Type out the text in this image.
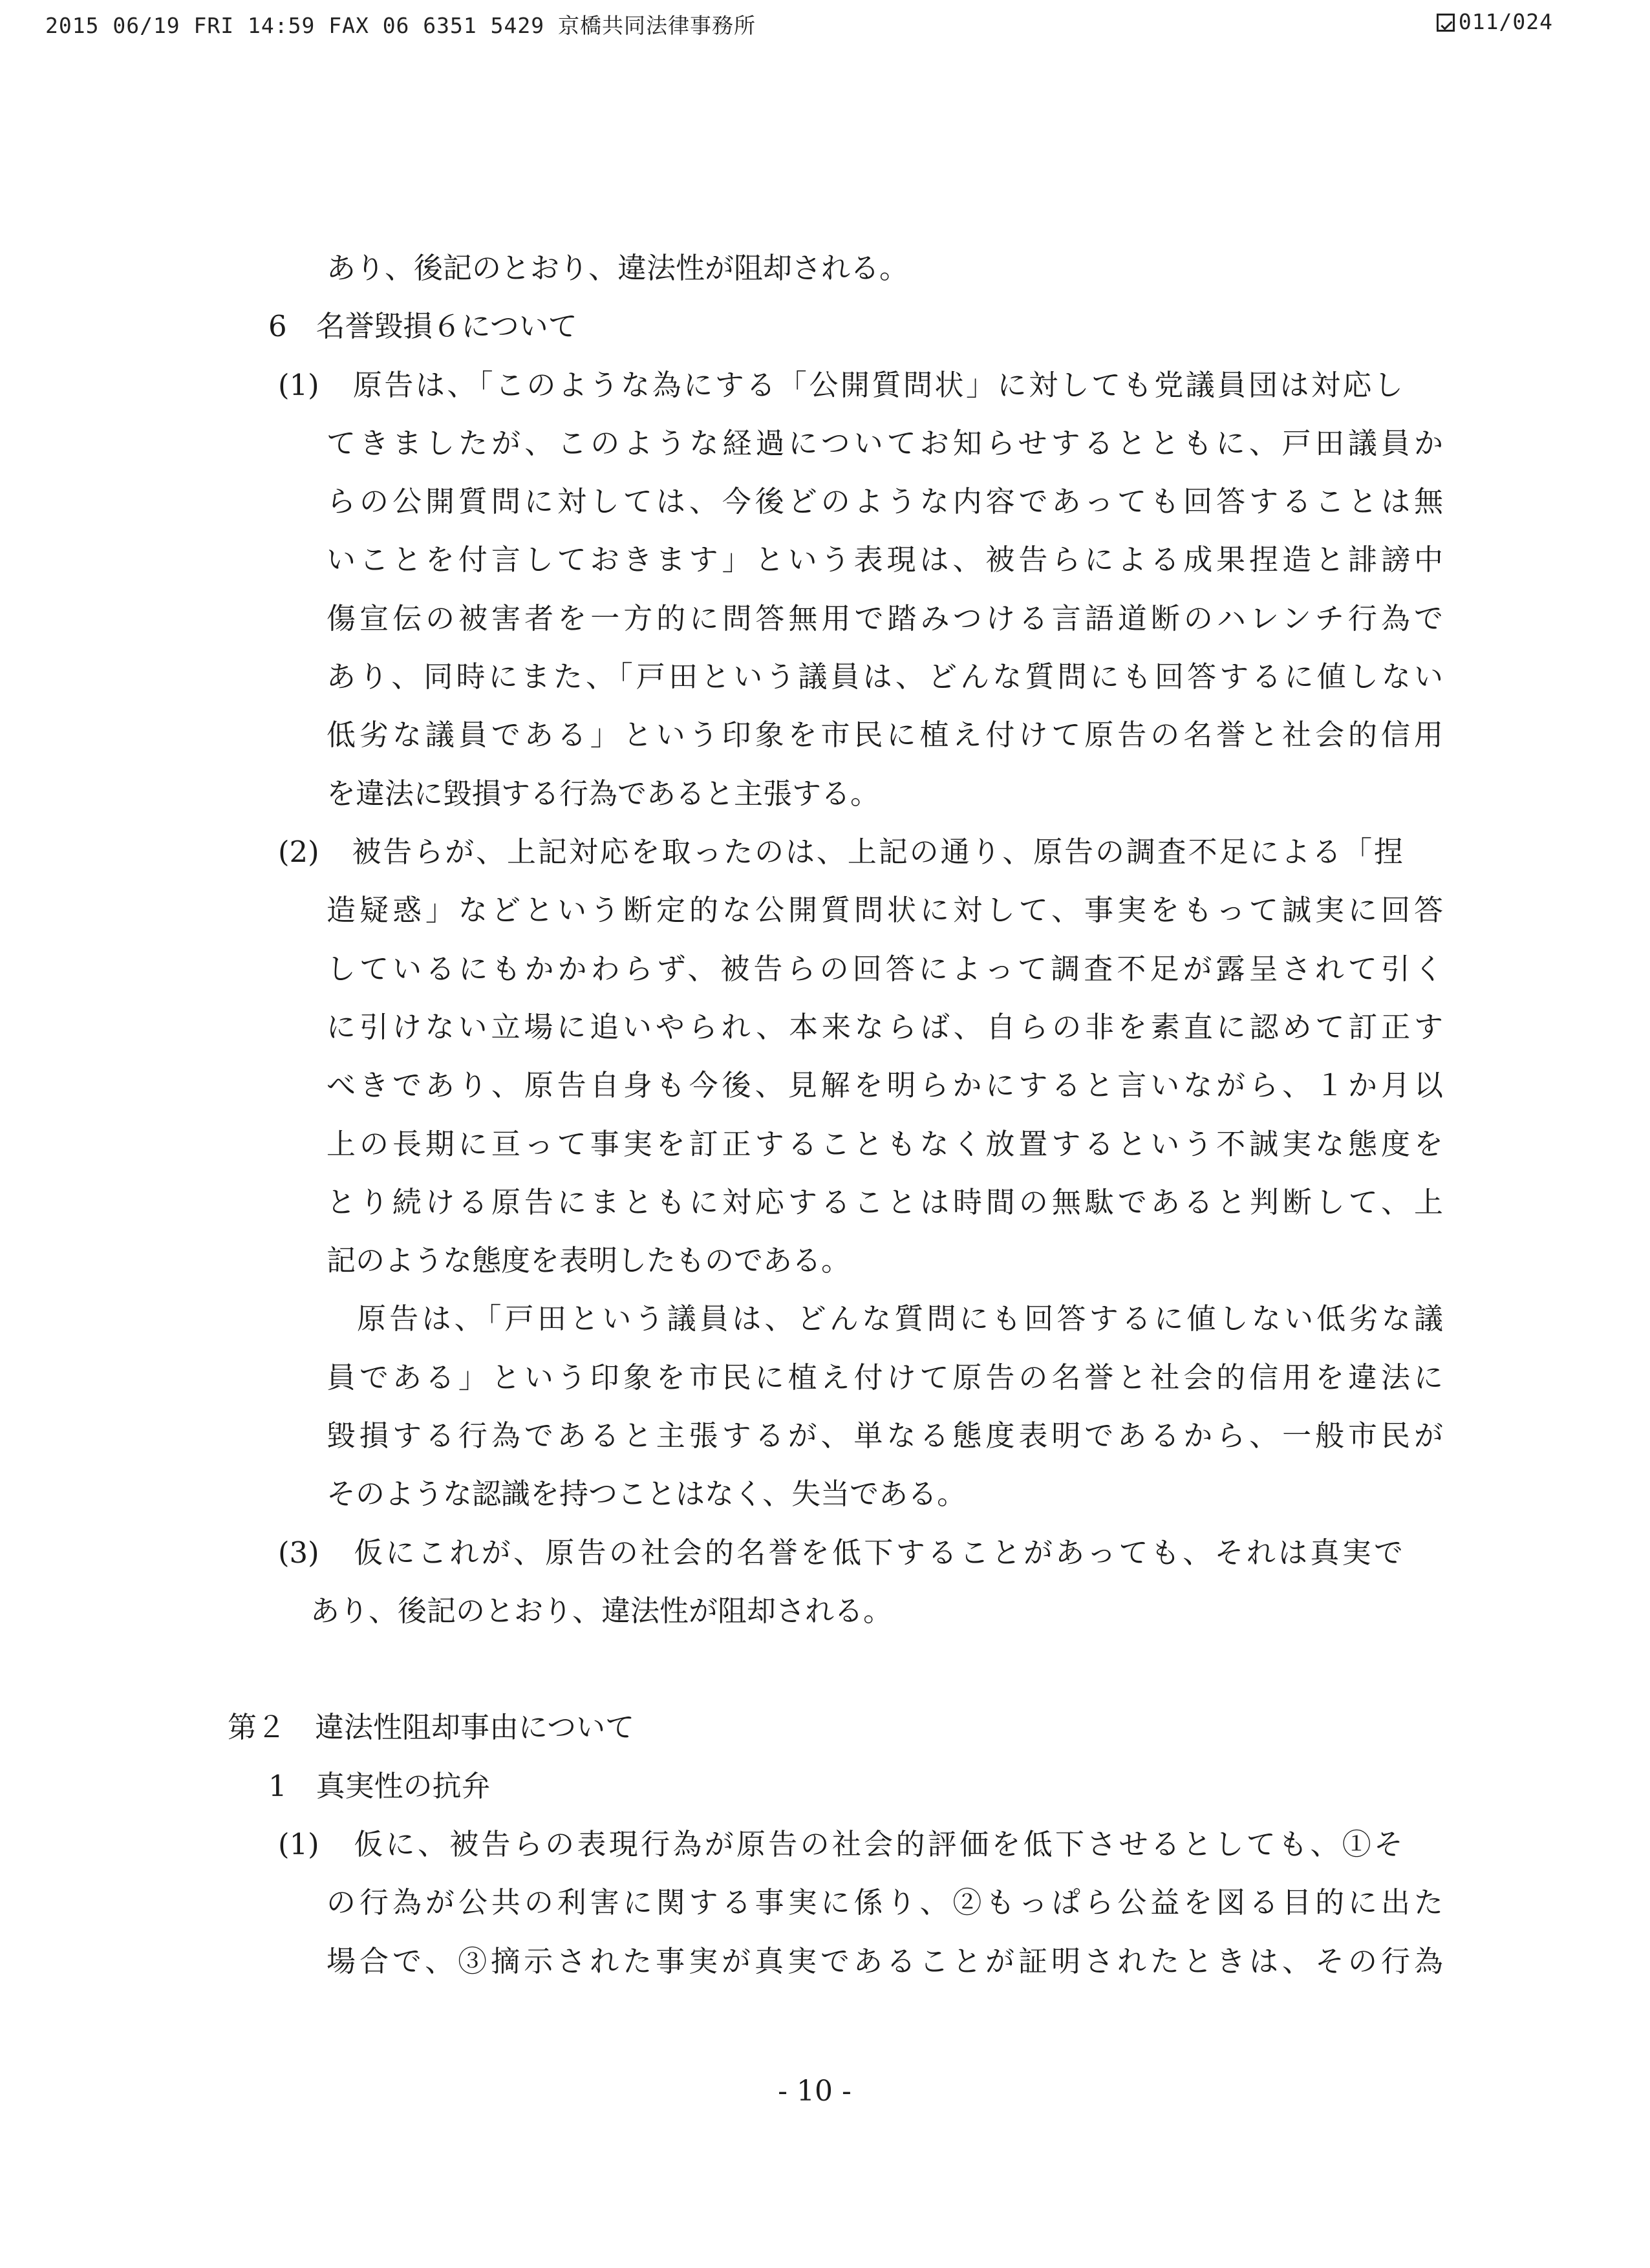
2015 06/19 FRI 14:59 FAX 06 6351 5429 京橋共同法律事務所	011/024
あり、後記のとおり、違法性が阻却される。
6　名誉毀損６について
(1)　原告は、「このような為にする「公開質問状」に対しても党議員団は対応し
てきましたが、このような経過についてお知らせするとともに、戸田議員か
らの公開質問に対しては、今後どのような内容であっても回答することは無
いことを付言しておきます」という表現は、被告らによる成果捏造と誹謗中
傷宣伝の被害者を一方的に問答無用で踏みつける言語道断のハレンチ行為で
あり、同時にまた、「戸田という議員は、どんな質問にも回答するに値しない
低劣な議員である」という印象を市民に植え付けて原告の名誉と社会的信用
を違法に毀損する行為であると主張する。
(2)　被告らが、上記対応を取ったのは、上記の通り、原告の調査不足による「捏
造疑惑」などという断定的な公開質問状に対して、事実をもって誠実に回答
しているにもかかわらず、被告らの回答によって調査不足が露呈されて引く
に引けない立場に追いやられ、本来ならば、自らの非を素直に認めて訂正す
べきであり、原告自身も今後、見解を明らかにすると言いながら、１か月以
上の長期に亘って事実を訂正することもなく放置するという不誠実な態度を
とり続ける原告にまともに対応することは時間の無駄であると判断して、上
記のような態度を表明したものである。
原告は、「戸田という議員は、どんな質問にも回答するに値しない低劣な議
員である」という印象を市民に植え付けて原告の名誉と社会的信用を違法に
毀損する行為であると主張するが、単なる態度表明であるから、一般市民が
そのような認識を持つことはなく、失当である。
(3)　仮にこれが、原告の社会的名誉を低下することがあっても、それは真実で
あり、後記のとおり、違法性が阻却される。
第２　違法性阻却事由について
1　真実性の抗弁
(1)　仮に、被告らの表現行為が原告の社会的評価を低下させるとしても、①そ
の行為が公共の利害に関する事実に係り、②もっぱら公益を図る目的に出た
場合で、③摘示された事実が真実であることが証明されたときは、その行為
- 10 -
